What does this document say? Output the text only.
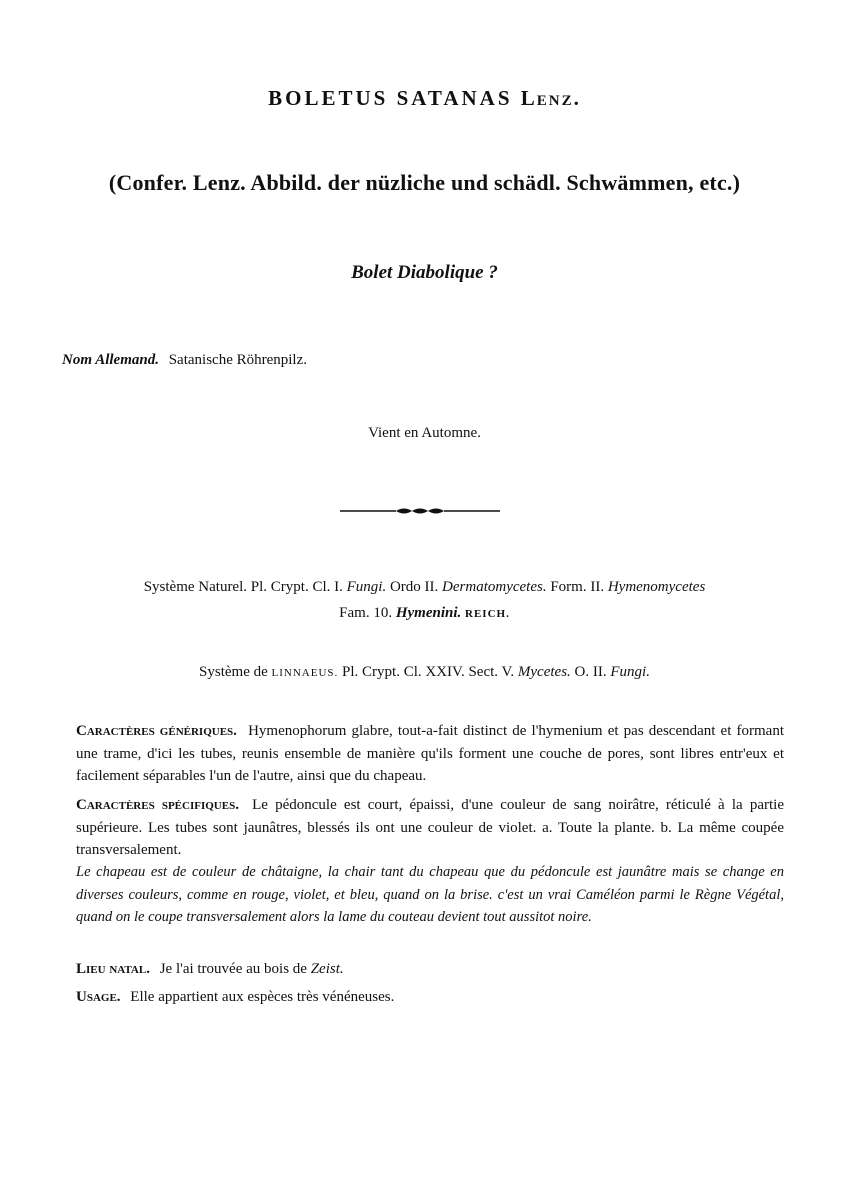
BOLETUS SATANAS Lenz.
(Confer. Lenz. Abbild. der nüzliche und schädl. Schwämmen, etc.)
Bolet Diabolique ?
Nom Allemand. Satanische Röhrenpilz.
Vient en Automne.
Système Naturel. Pl. Crypt. Cl. I. Fungi. Ordo II. Dermatomycetes. Form. II. Hymenomycetes
Fam. 10. Hymenini. REICH.
Système de LINNAEUS. Pl. Crypt. Cl. XXIV. Sect. V. Mycetes. O. II. Fungi.
Caractères génériques. Hymenophorum glabre, tout-a-fait distinct de l'hymenium et pas descendant et formant une trame, d'ici les tubes, reunis ensemble de manière qu'ils forment une couche de pores, sont libres entr'eux et facilement séparables l'un de l'autre, ainsi que du chapeau.
Caractères spécifiques. Le pédoncule est court, épaissi, d'une couleur de sang noirâtre, réticulé à la partie supérieure. Les tubes sont jaunâtres, blessés ils ont une couleur de violet. a. Toute la plante. b. La même coupée transversalement.
Le chapeau est de couleur de châtaigne, la chair tant du chapeau que du pédoncule est jaunâtre mais se change en diverses couleurs, comme en rouge, violet, et bleu, quand on la brise. c'est un vrai Caméléon parmi le Règne Végétal, quand on le coupe transversalement alors la lame du couteau devient tout aussitot noire.
Lieu natal. Je l'ai trouvée au bois de Zeist.
Usage. Elle appartient aux espèces très vénéneuses.
